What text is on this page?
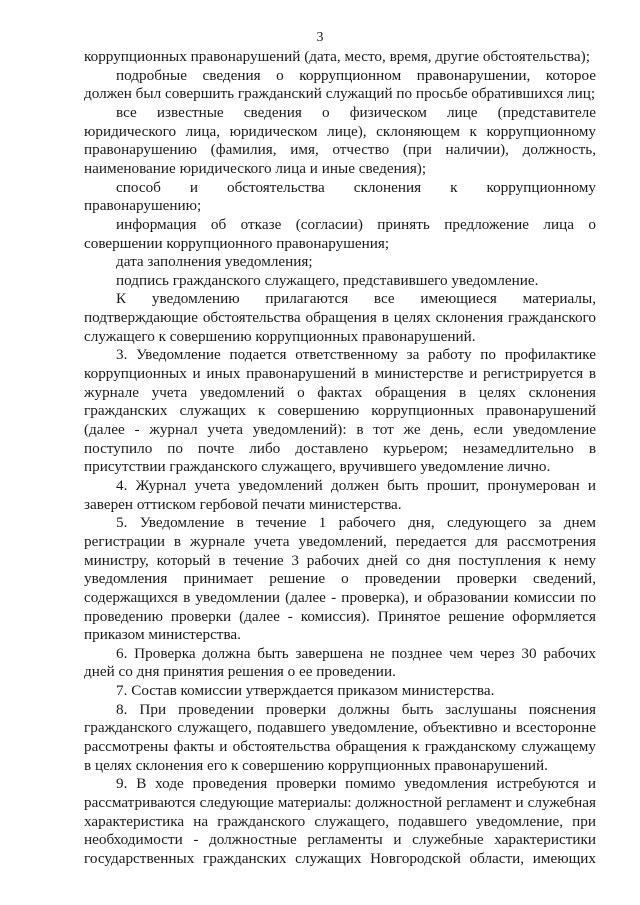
3
коррупционных правонарушений (дата, место, время, другие обстоятельства);
подробные сведения о коррупционном правонарушении, которое
должен был совершить гражданский служащий по просьбе обратившихся лиц;
все известные сведения о физическом лице (представителе
юридического лица, юридическом лице), склоняющем к коррупционному
правонарушению (фамилия, имя, отчество (при наличии), должность,
наименование юридического лица и иные сведения);
способ и обстоятельства склонения к коррупционному
правонарушению;
информация об отказе (согласии) принять предложение лица о
совершении коррупционного правонарушения;
дата заполнения уведомления;
подпись гражданского служащего, представившего уведомление.
К уведомлению прилагаются все имеющиеся материалы,
подтверждающие обстоятельства обращения в целях склонения гражданского
служащего к совершению коррупционных правонарушений.
3. Уведомление подается ответственному за работу по профилактике
коррупционных и иных правонарушений в министерстве и регистрируется в
журнале учета уведомлений о фактах обращения в целях склонения
гражданских служащих к совершению коррупционных правонарушений
(далее - журнал учета уведомлений): в тот же день, если уведомление
поступило по почте либо доставлено курьером; незамедлительно в
присутствии гражданского служащего, вручившего уведомление лично.
4. Журнал учета уведомлений должен быть прошит, пронумерован и
заверен оттиском гербовой печати министерства.
5. Уведомление в течение 1 рабочего дня, следующего за днем
регистрации в журнале учета уведомлений, передается для рассмотрения
министру, который в течение 3 рабочих дней со дня поступления к нему
уведомления принимает решение о проведении проверки сведений,
содержащихся в уведомлении (далее - проверка), и образовании комиссии по
проведению проверки (далее - комиссия). Принятое решение оформляется
приказом министерства.
6. Проверка должна быть завершена не позднее чем через 30 рабочих
дней со дня принятия решения о ее проведении.
7. Состав комиссии утверждается приказом министерства.
8. При проведении проверки должны быть заслушаны пояснения
гражданского служащего, подавшего уведомление, объективно и всесторонне
рассмотрены факты и обстоятельства обращения к гражданскому служащему
в целях склонения его к совершению коррупционных правонарушений.
9. В ходе проведения проверки помимо уведомления истребуются и
рассматриваются следующие материалы: должностной регламент и служебная
характеристика на гражданского служащего, подавшего уведомление, при
необходимости - должностные регламенты и служебные характеристики
государственных гражданских служащих Новгородской области, имеющих
